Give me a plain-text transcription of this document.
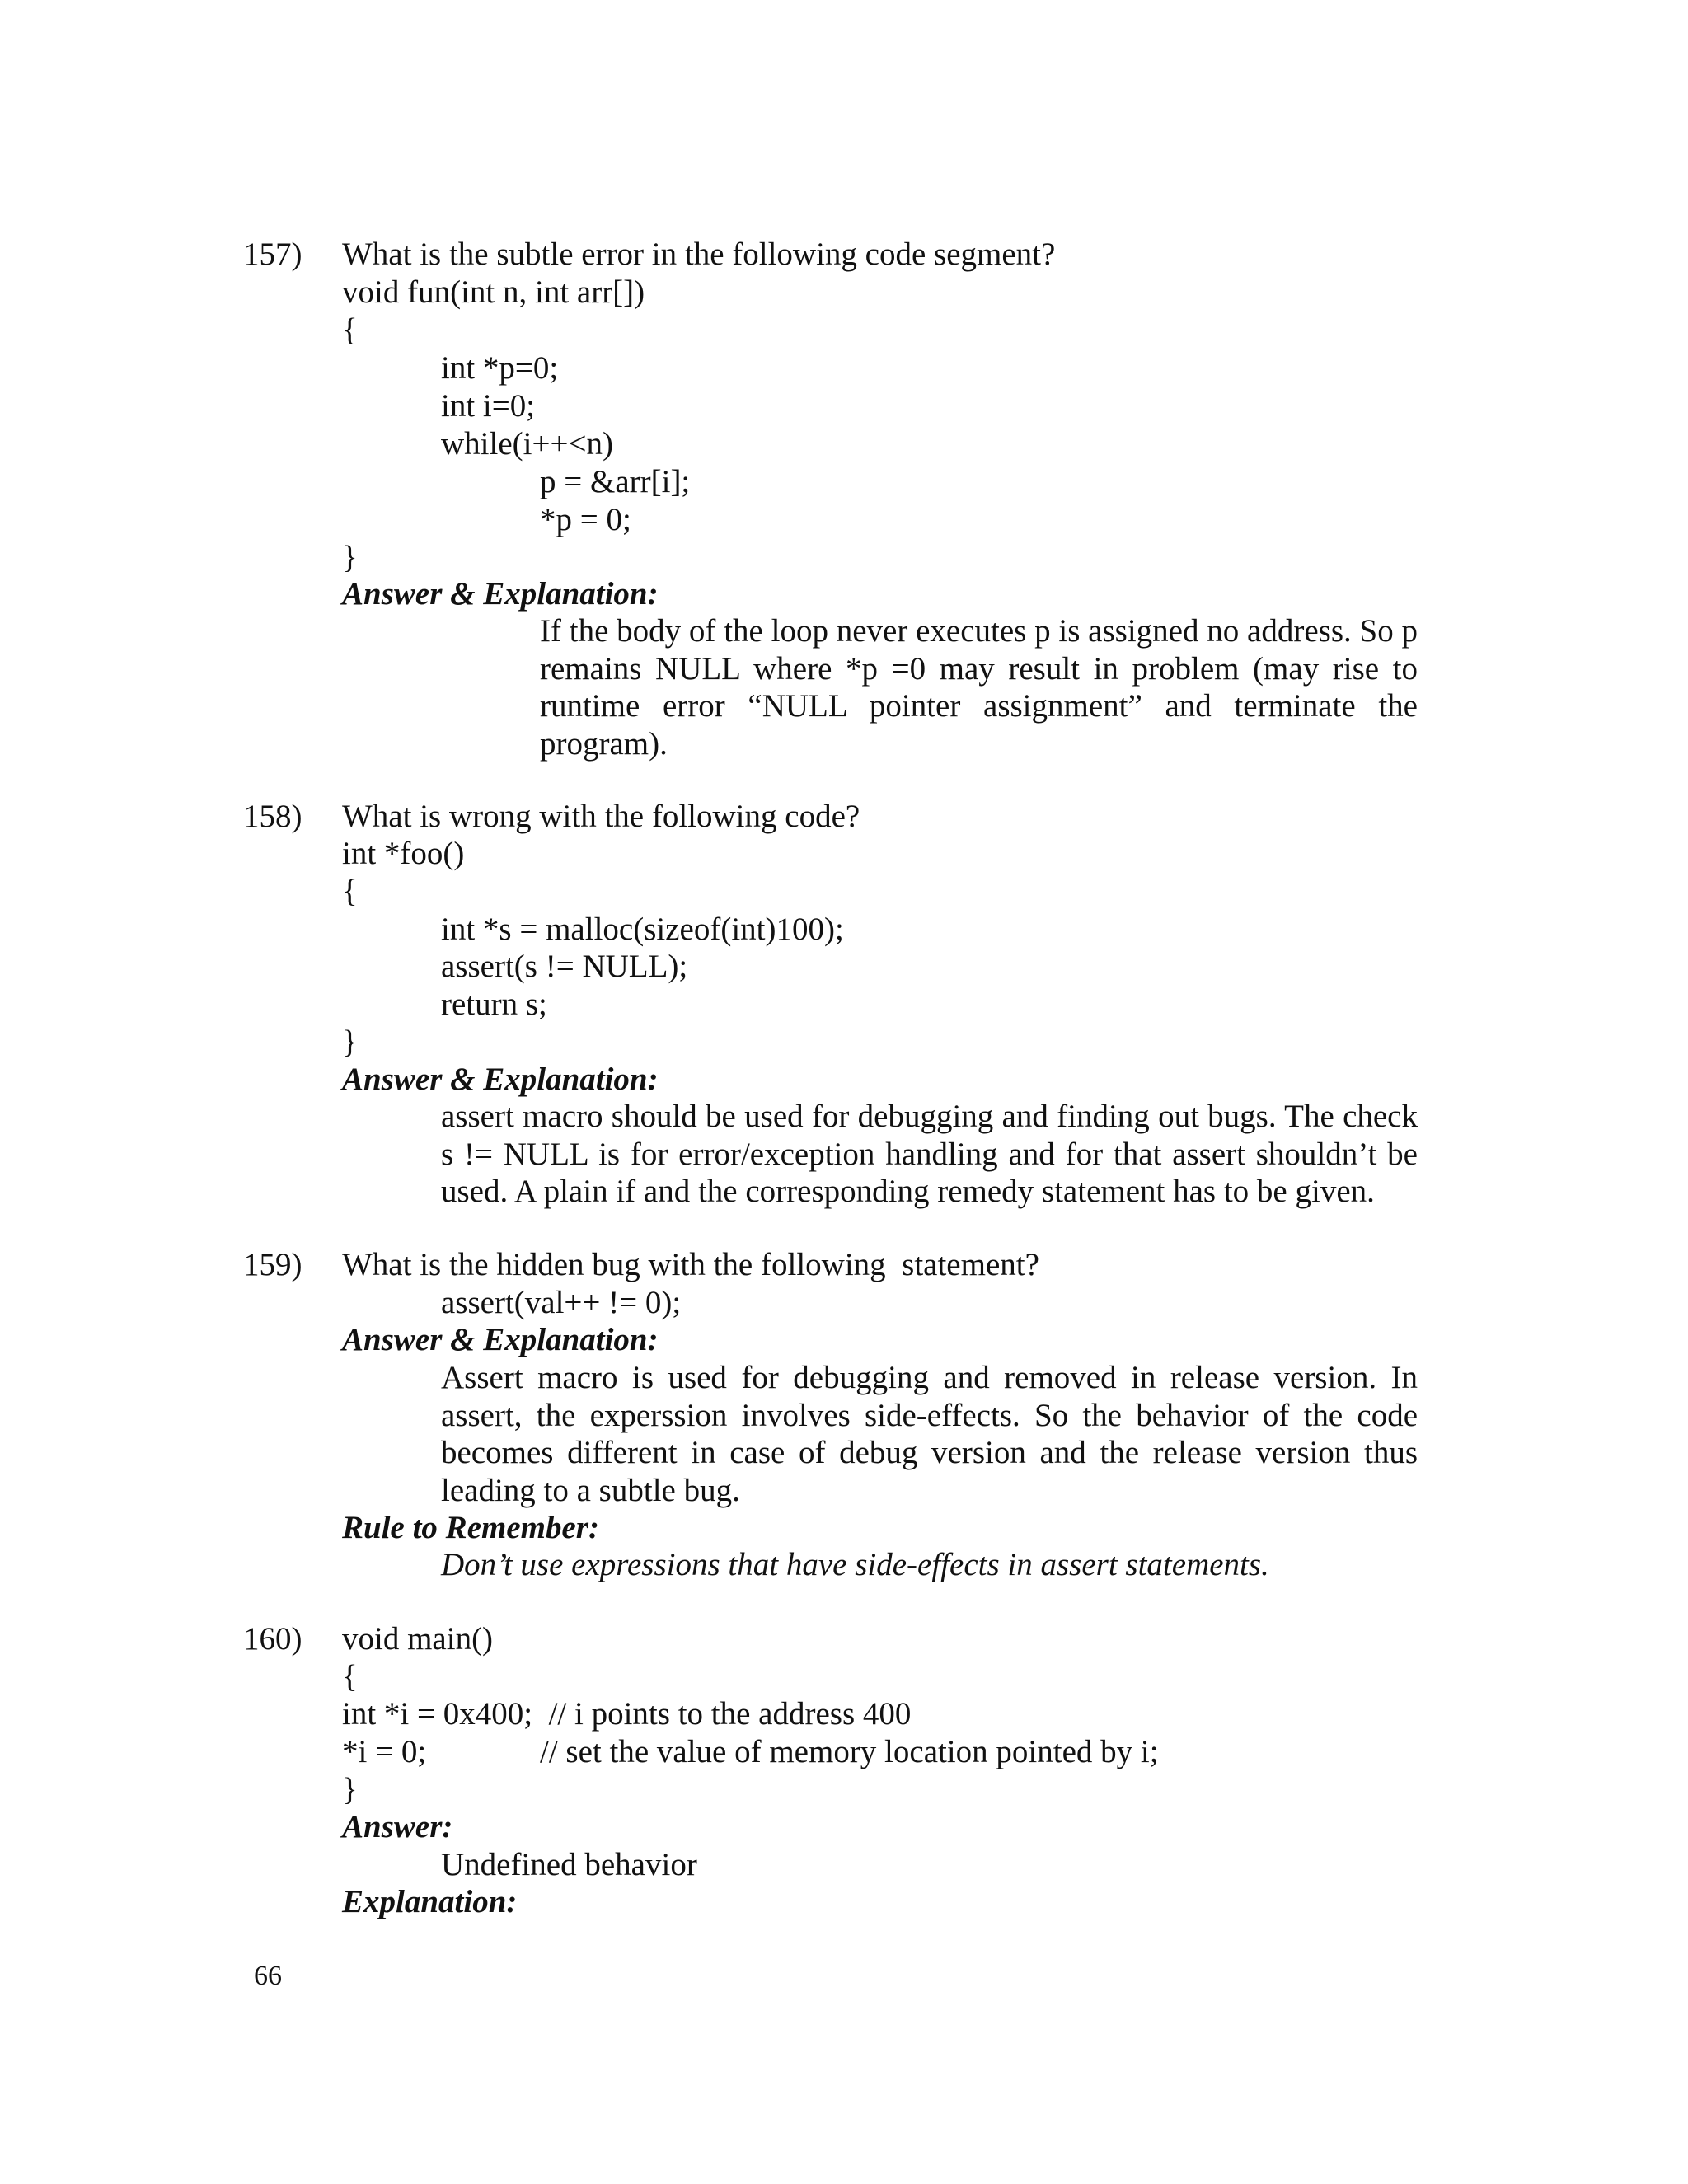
157) What is the subtle error in the following code segment?
void fun(int n, int arr[])
{
int *p=0;
int i=0;
while(i++<n)
p = &arr[i];
*p = 0;
}
Answer & Explanation:
If the body of the loop never executes p is assigned no address. So p remains NULL where *p =0 may result in problem (may rise to runtime error “NULL pointer assignment” and terminate the program).
158) What is wrong with the following code?
int *foo()
{
int *s = malloc(sizeof(int)100);
assert(s != NULL);
return s;
}
Answer & Explanation:
assert macro should be used for debugging and finding out bugs. The check s != NULL is for error/exception handling and for that assert shouldn’t be used. A plain if and the corresponding remedy statement has to be given.
159) What is the hidden bug with the following  statement?
assert(val++ != 0);
Answer & Explanation:
Assert macro is used for debugging and removed in release version. In assert, the experssion involves side-effects. So the behavior of the code becomes different in case of debug version and the release version thus leading to a subtle bug.
Rule to Remember:
Don’t use expressions that have side-effects in assert statements.
160) void main()
{
int *i = 0x400;  // i points to the address 400
*i = 0;	// set the value of memory location pointed by i;
}
Answer:
Undefined behavior
Explanation:
66
